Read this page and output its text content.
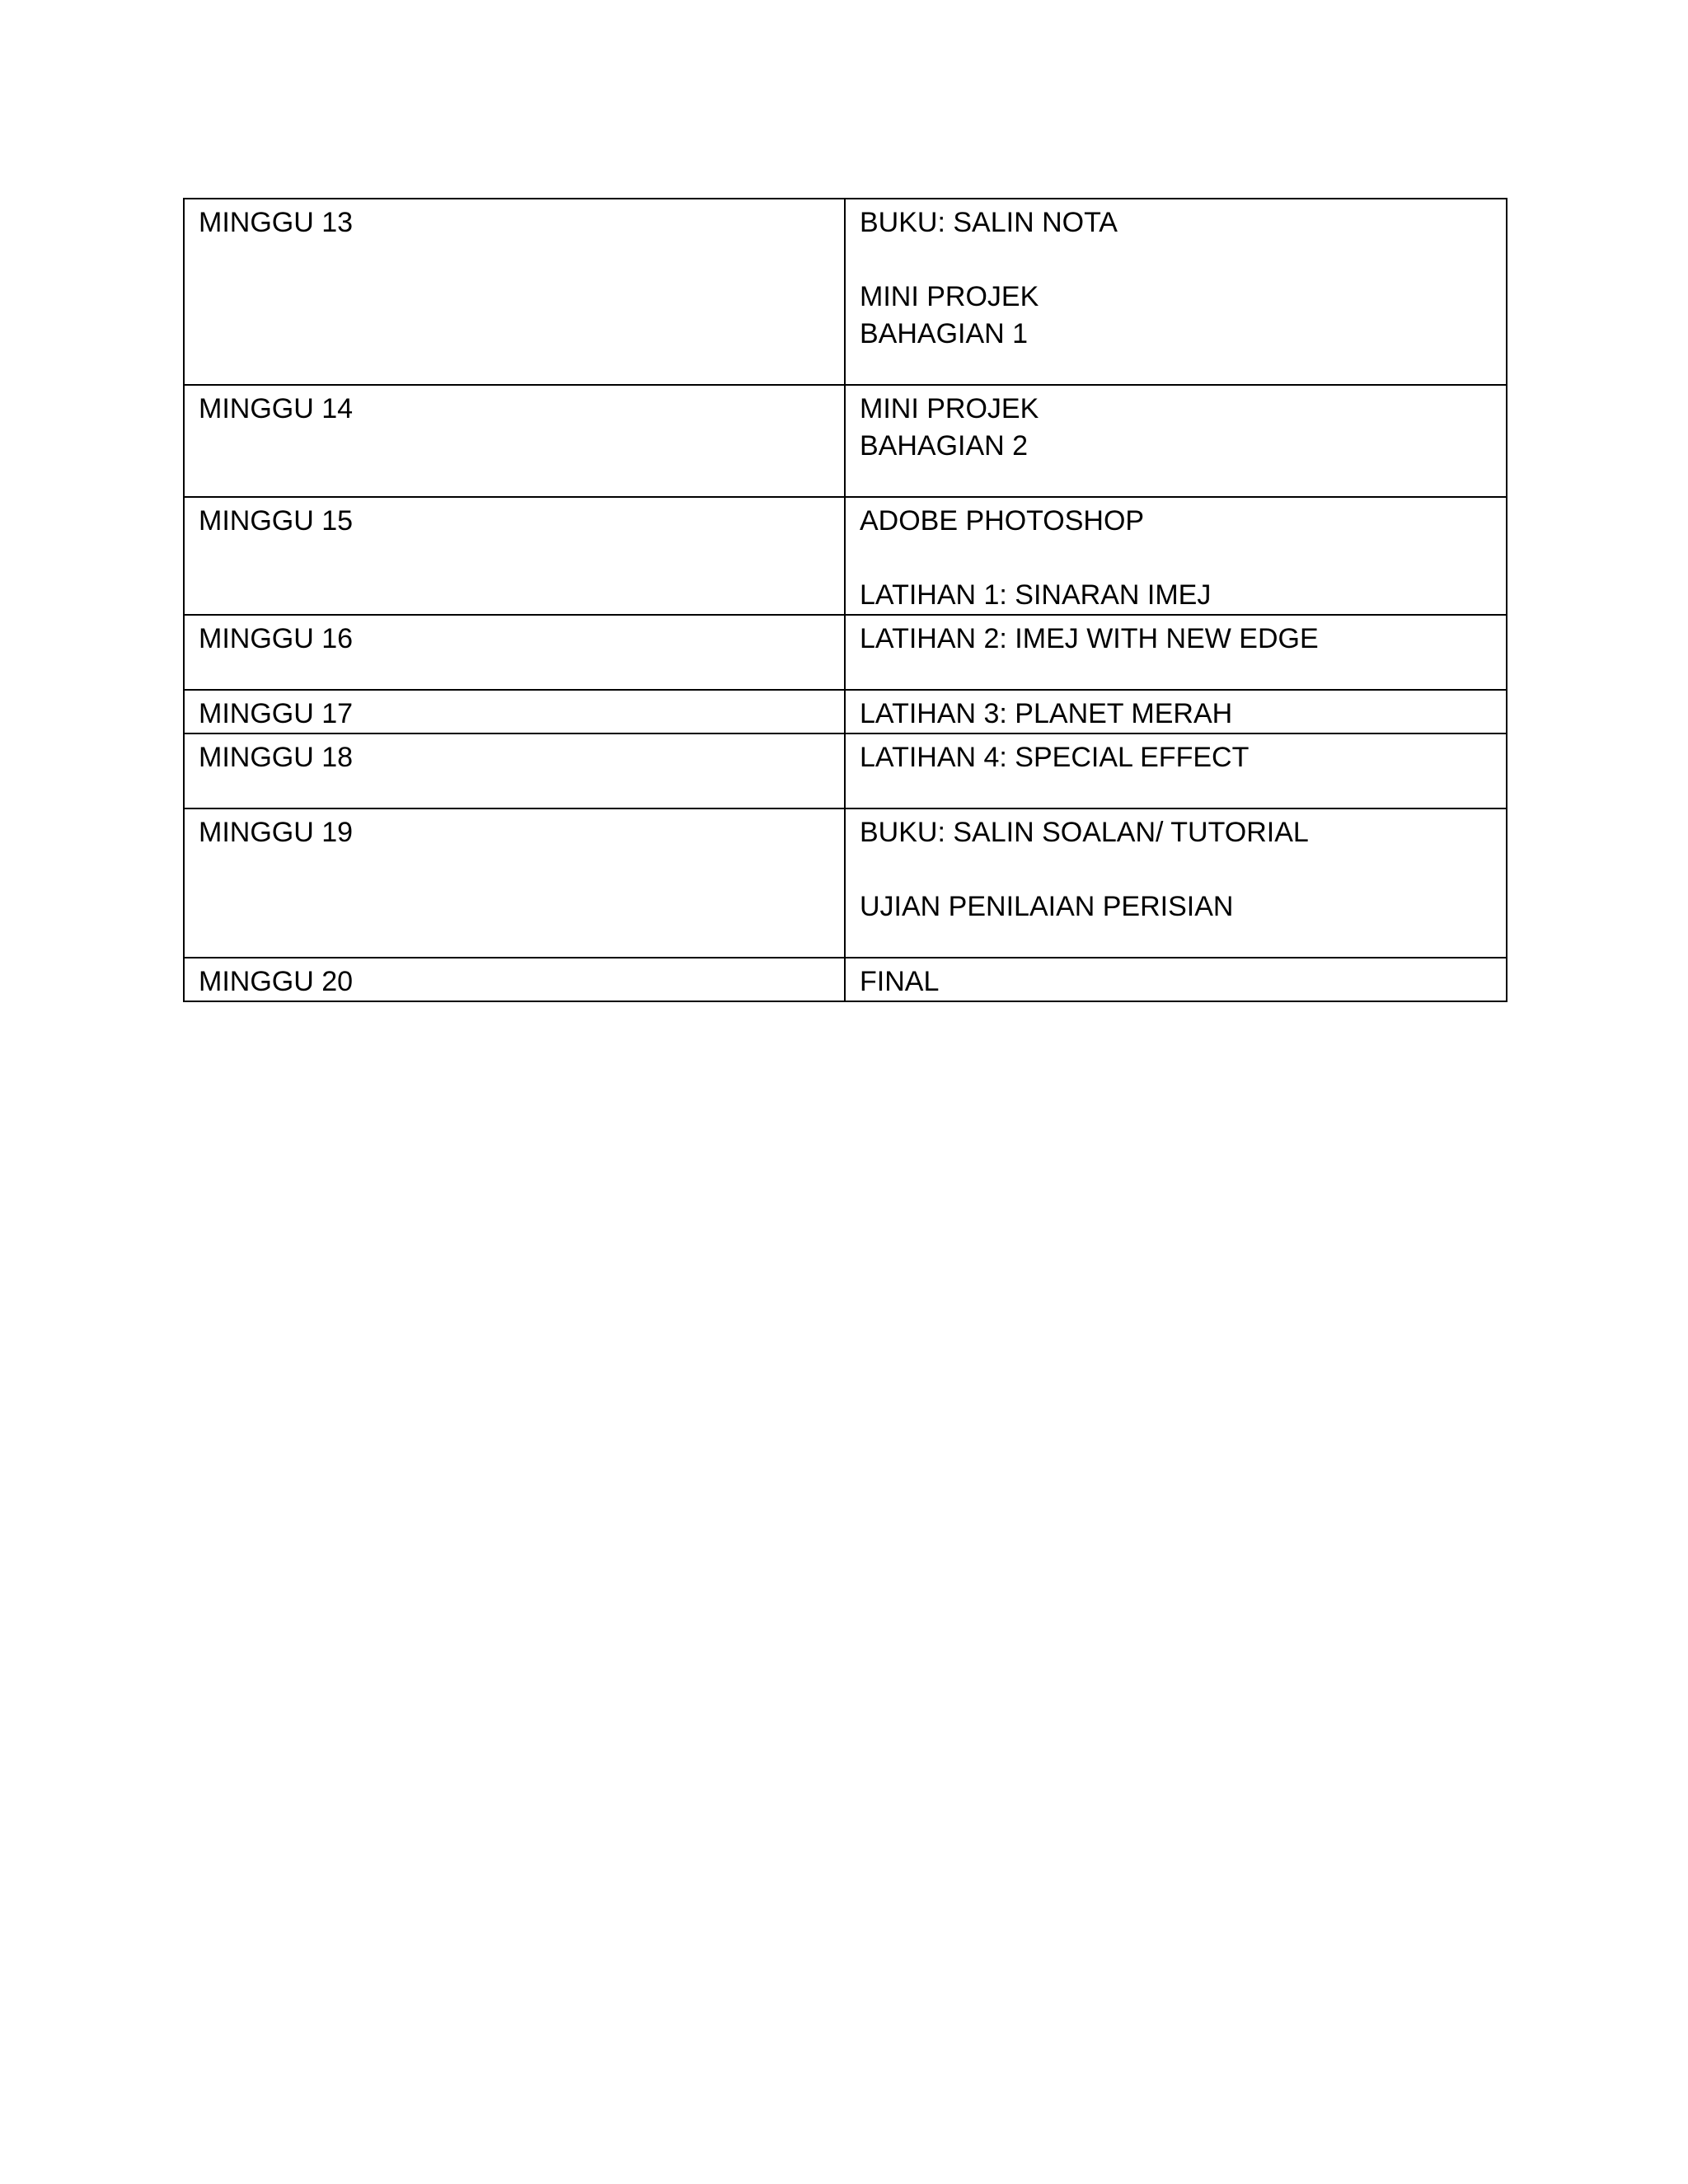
MINGGU 13	BUKU: SALIN NOTA
MINI PROJEK
BAHAGIAN 1

MINGGU 14	MINI PROJEK
BAHAGIAN 2

MINGGU 15	ADOBE PHOTOSHOP
LATIHAN 1: SINARAN IMEJ

MINGGU 16	LATIHAN 2: IMEJ WITH NEW EDGE

MINGGU 17	LATIHAN 3: PLANET MERAH

MINGGU 18	LATIHAN 4: SPECIAL EFFECT

MINGGU 19	BUKU: SALIN SOALAN/ TUTORIAL
UJIAN PENILAIAN PERISIAN

MINGGU 20	FINAL
